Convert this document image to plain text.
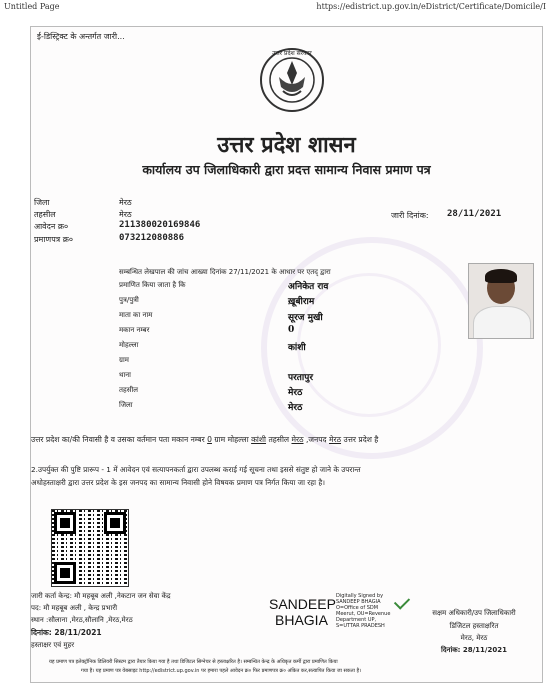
Untitled Page	https://edistrict.up.gov.in/eDistrict/Certificate/Domicile/I
ई-डिस्ट्रिक्ट के अन्तर्गत जारी...
उत्तर प्रदेश सरकार
उत्तर प्रदेश शासन
कार्यालय उप जिलाधिकारी द्वारा प्रदत्त सामान्य निवास प्रमाण पत्र
जिला	मेरठ
तहसील	मेरठ
आवेदन क्र०	211380020169846
प्रमाणपत्र क्र०	073212080886
जारी दिनांक: 28/11/2021
सम्बन्धित लेखपाल की जांच आख्या दिनांक 27/11/2021 के आधार पर एतद् द्वारा
प्रमाणित किया जाता है कि	अनिकेत राव
पुत्र/पुत्री	ख़ूबीराम
माता का नाम	सूरज मुखी
मकान नम्बर	0
मोहल्ला	कांशी
ग्राम
थाना	परतापुर
तहसील	मेरठ
जिला	मेरठ
उत्तर प्रदेश का/की निवासी है व उसका वर्तमान पता मकान नम्बर 0 ग्राम मोहल्ला कांशी तहसील मेरठ ,जनपद मेरठ उत्तर प्रदेश है
2.उपर्युक्त की पुष्टि प्रारूप - 1 में आवेदन एवं सत्यापनकर्ता द्वारा उपलब्ध कराई गई सूचना तथा इससे संतुष्ट हो जाने के उपरान्त
अधोहस्ताक्षरी द्वारा उत्तर प्रदेश के इस जनपद का सामान्य निवासी होने विषयक प्रमाण पत्र निर्गत किया जा रहा है।
जारी कर्ता केन्द्र: मौ महबूब अली ,नेकटान जन सेवा केंद्र
पद: मौ महबूब अली , केन्द्र प्रभारी
स्थान :सौलाना ,मेरठ,सौलानि ,मेरठ,मेरठ
दिनांक: 28/11/2021
हस्ताक्षर एवं मुहर
SANDEEP
BHAGIA
Digitally Signed by
SANDEEP BHAGIA
O=Office of SDM
Meerut, OU=Revenue
Department UP,
S=UTTAR PRADESH
सक्षम अधिकारी/उप जिलाधिकारी
डिजिटल हस्ताक्षरित
मेरठ, मेरठ
दिनांक: 28/11/2021
यह प्रमाण पत्र इलेक्ट्रॉनिक डिलिवरी सिस्टम द्वारा तैयार किया गया है तथा डिजिटल सिग्नेचर से हस्ताक्षरित है। सम्बन्धित केन्द्र के अधिकृत कर्मी द्वारा प्रमाणित किया
गया है। यह प्रमाण पत्र वेबसाइट http://edistrict.up.gov.in पर हमारा पहले आवेदन क्र० फिर प्रमाणपत्र क्र० अंकित कर,सत्यापित किया जा सकता है।
